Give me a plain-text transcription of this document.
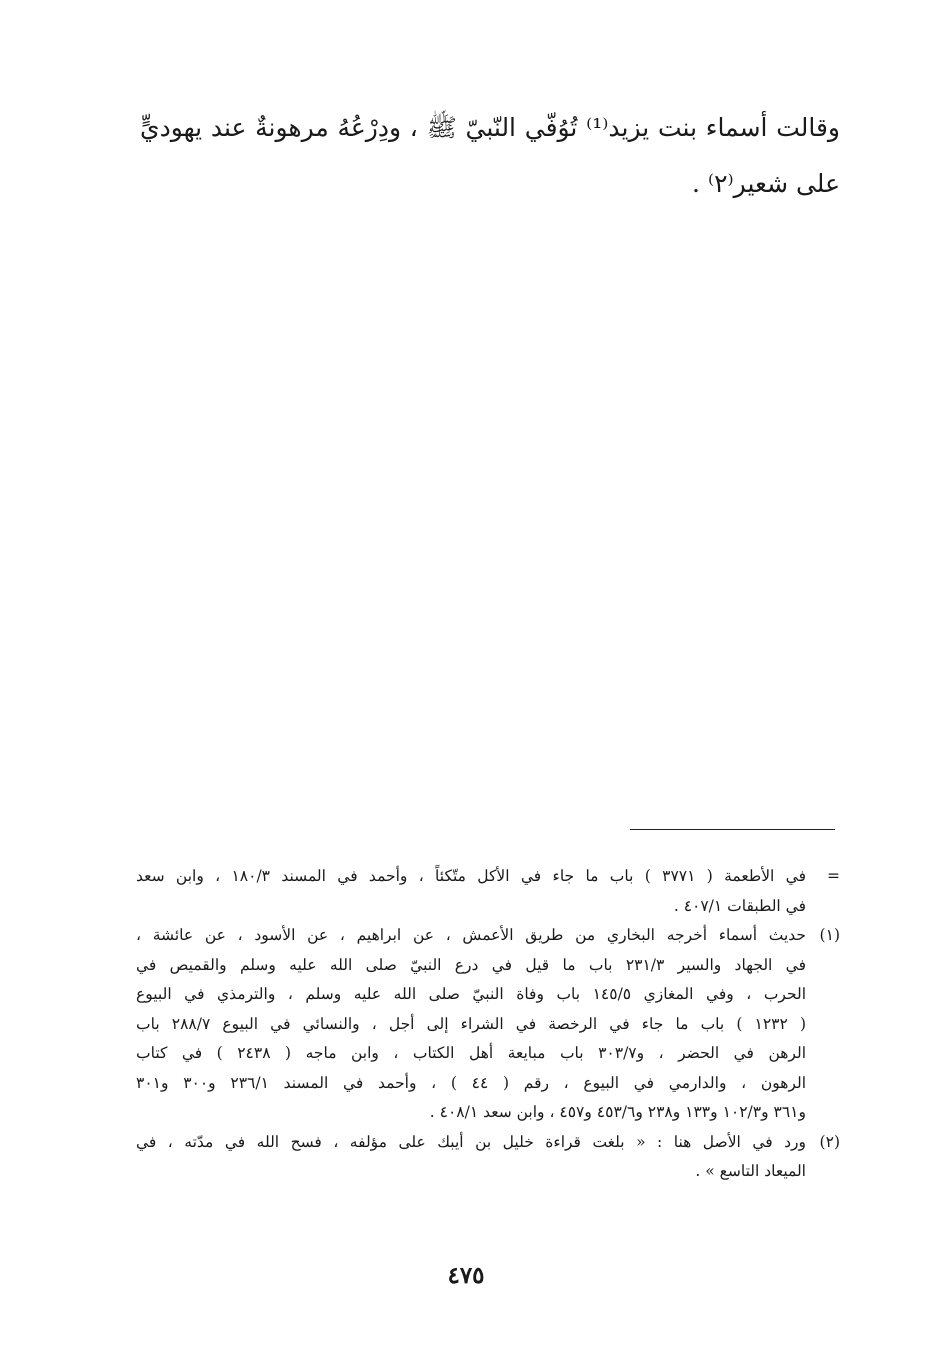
وقالت أسماء بنت يزيد⁽¹⁾ تُوُفّي النّبيّ ﷺ ، ودِرْعُهُ مرهونةٌ عند يهوديٍّ
على شعير⁽٢⁾ .
=
في الأطعمة ( ٣٧٧١ ) باب ما جاء في الأكل متّكئاً ، وأحمد في المسند ١٨٠/٣ ، وابن سعد
في الطبقات ٤٠٧/١ .
(١)
حديث أسماء أخرجه البخاري من طريق الأعمش ، عن ابراهيم ، عن الأسود ، عن عائشة ،
في الجهاد والسير ٢٣١/٣ باب ما قيل في درع النبيّ صلى الله عليه وسلم والقميص في
الحرب ، وفي المغازي ١٤٥/٥ باب وفاة النبيّ صلى الله عليه وسلم ، والترمذي في البيوع
( ١٢٣٢ ) باب ما جاء في الرخصة في الشراء إلى أجل ، والنسائي في البيوع ٢٨٨/٧ باب
الرهن في الحضر ، و٣٠٣/٧ باب مبايعة أهل الكتاب ، وابن ماجه ( ٢٤٣٨ ) في كتاب
الرهون ، والدارمي في البيوع ، رقم ( ٤٤ ) ، وأحمد في المسند ٢٣٦/١ و٣٠٠ و٣٠١
و٣٦١ و١٠٢/٣ و١٣٣ و٢٣٨ و٤٥٣/٦ و٤٥٧ ، وابن سعد ٤٠٨/١ .
(٢)
ورد في الأصل هنا : « بلغت قراءة خليل بن أيبك على مؤلفه ، فسح الله في مدّته ، في
الميعاد التاسع » .
٤٧٥
